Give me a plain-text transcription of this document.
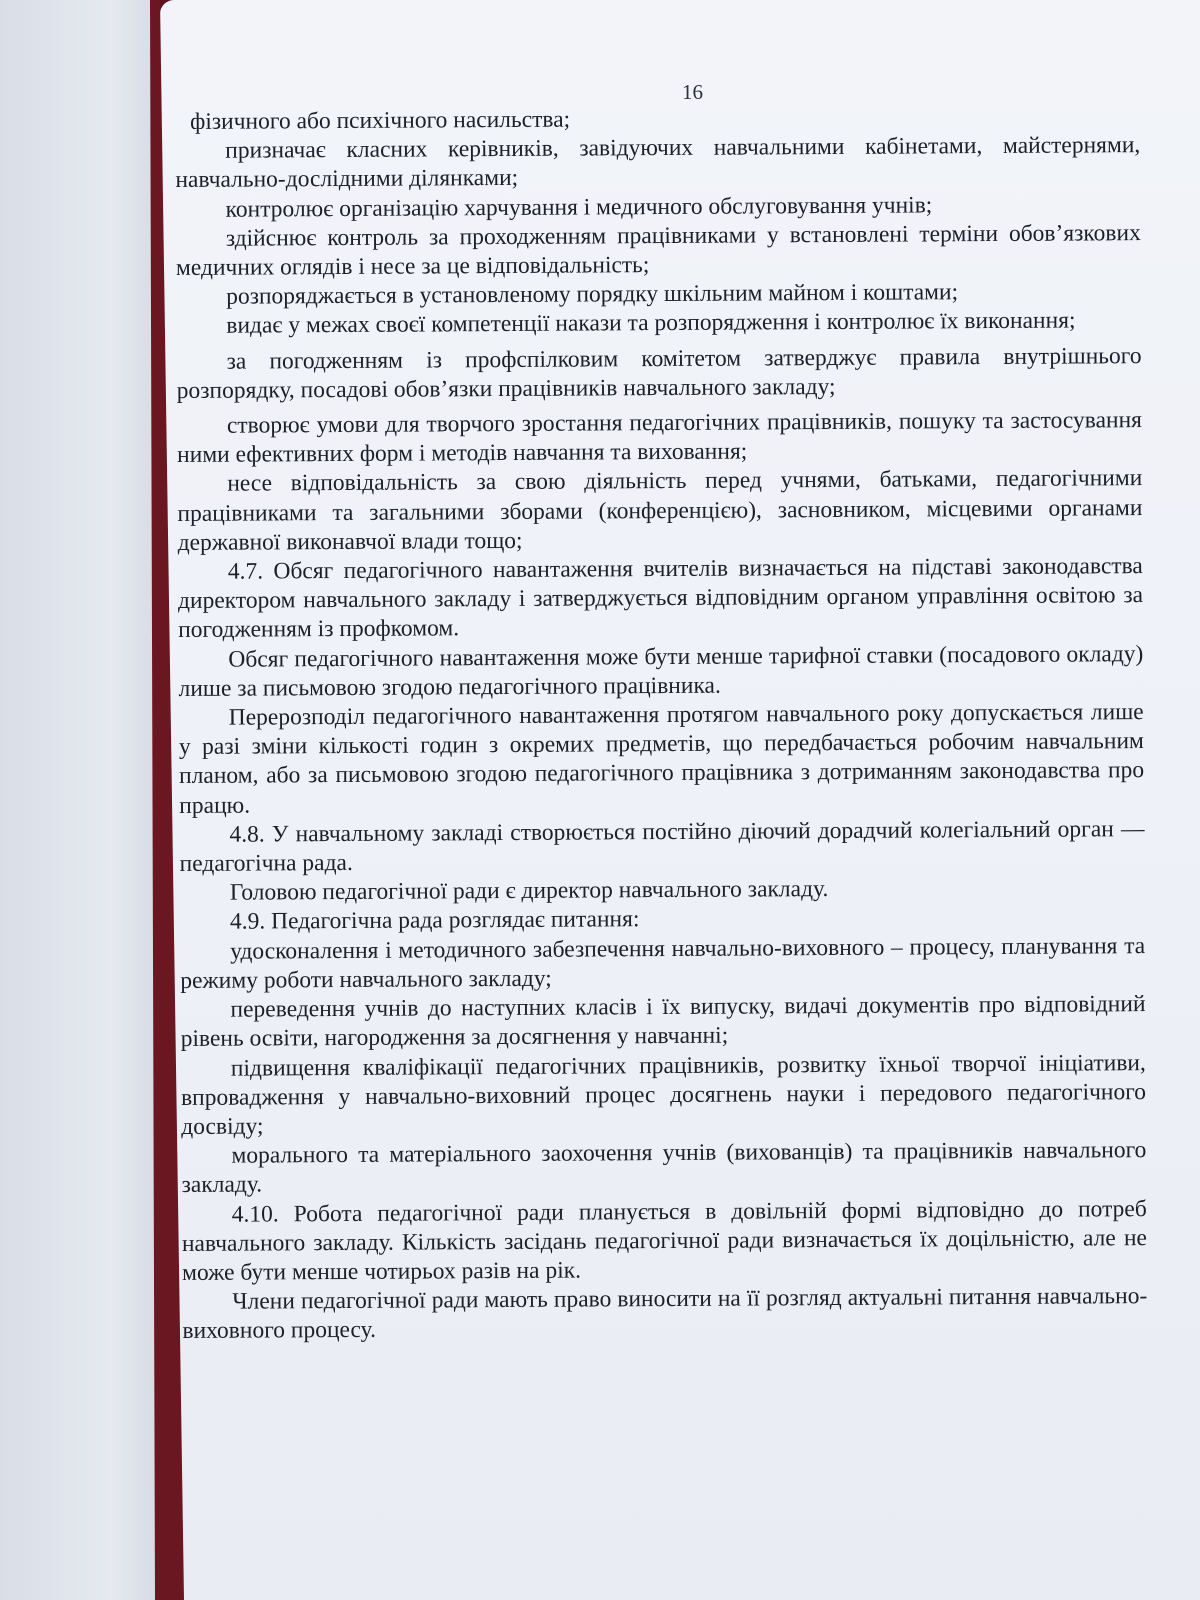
16

фізичного або психічного насильства;

призначає класних керівників, завідуючих навчальними кабінетами, майстернями, навчально-дослідними ділянками;

контролює організацію харчування і медичного обслуговування учнів;

здійснює контроль за проходженням працівниками у встановлені терміни обов’язкових медичних оглядів і несе за це відповідальність;

розпоряджається в установленому порядку шкільним майном і коштами;

видає у межах своєї компетенції накази та розпорядження і контролює їх виконання;

за погодженням із профспілковим комітетом затверджує правила внутрішнього розпорядку, посадові обов’язки працівників навчального закладу;

створює умови для творчого зростання педагогічних працівників, пошуку та застосування ними ефективних форм і методів навчання та виховання;

несе відповідальність за свою діяльність перед учнями, батьками, педагогічними працівниками та загальними зборами (конференцією), засновником, місцевими органами державної виконавчої влади тощо;

4.7. Обсяг педагогічного навантаження вчителів визначається на підставі законодавства директором навчального закладу і затверджується відповідним органом управління освітою за погодженням із профкомом.

Обсяг педагогічного навантаження може бути менше тарифної ставки (посадового окладу) лише за письмовою згодою педагогічного працівника.

Перерозподіл педагогічного навантаження протягом навчального року допускається лише у разі зміни кількості годин з окремих предметів, що передбачається робочим навчальним планом, або за письмовою згодою педагогічного працівника з дотриманням законодавства про працю.

4.8. У навчальному закладі створюється постійно діючий дорадчий колегіальний орган — педагогічна рада.

Головою педагогічної ради є директор навчального закладу.

4.9. Педагогічна рада розглядає питання:

удосконалення і методичного забезпечення навчально-виховного – процесу, планування та режиму роботи навчального закладу;

переведення учнів до наступних класів і їх випуску, видачі документів про відповідний рівень освіти, нагородження за досягнення у навчанні;

підвищення кваліфікації педагогічних працівників, розвитку їхньої творчої ініціативи, впровадження у навчально-виховний процес досягнень науки і передового педагогічного досвіду;

морального та матеріального заохочення учнів (вихованців) та працівників навчального закладу.

4.10. Робота педагогічної ради планується в довільній формі відповідно до потреб навчального закладу. Кількість засідань педагогічної ради визначається їх доцільністю, але не може бути менше чотирьох разів на рік.

Члени педагогічної ради мають право виносити на її розгляд актуальні питання навчально-виховного процесу.
